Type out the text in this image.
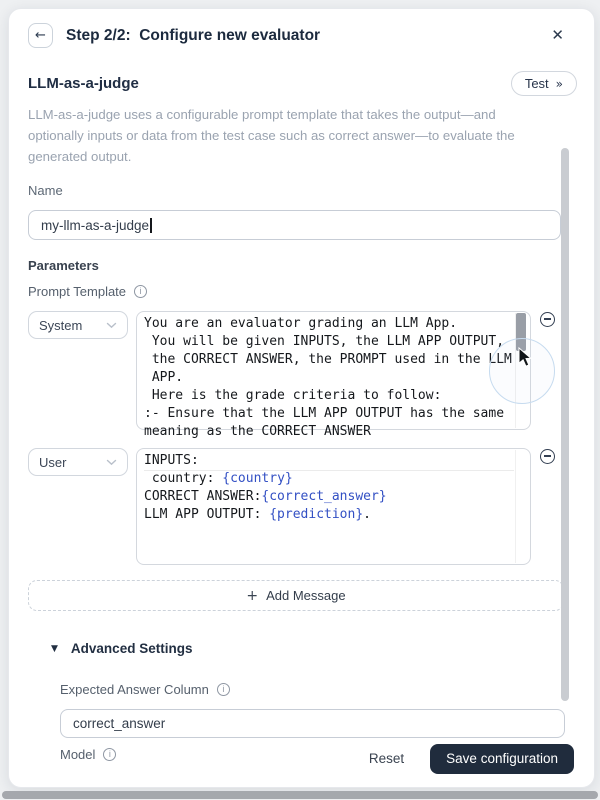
← Step 2/2:  Configure new evaluator	✕
LLM-as-a-judge	Test »

LLM-as-a-judge uses a configurable prompt template that takes the output—and optionally inputs or data from the test case such as correct answer—to evaluate the generated output.

Name
my-llm-as-a-judge
Parameters
Prompt Template	i
System	You are an evaluator grading an LLM App.
You will be given INPUTS, the LLM APP OUTPUT,
the CORRECT ANSWER, the PROMPT used in the LLM
APP.
Here is the grade criteria to follow:
:- Ensure that the LLM APP OUTPUT has the same
meaning as the CORRECT ANSWER
User	INPUTS:
country: {country}
CORRECT ANSWER:{correct_answer}
LLM APP OUTPUT: {prediction}.
+ Add Message
▼ Advanced Settings
Expected Answer Column	i
correct_answer
Model	i	Reset	Save configuration
